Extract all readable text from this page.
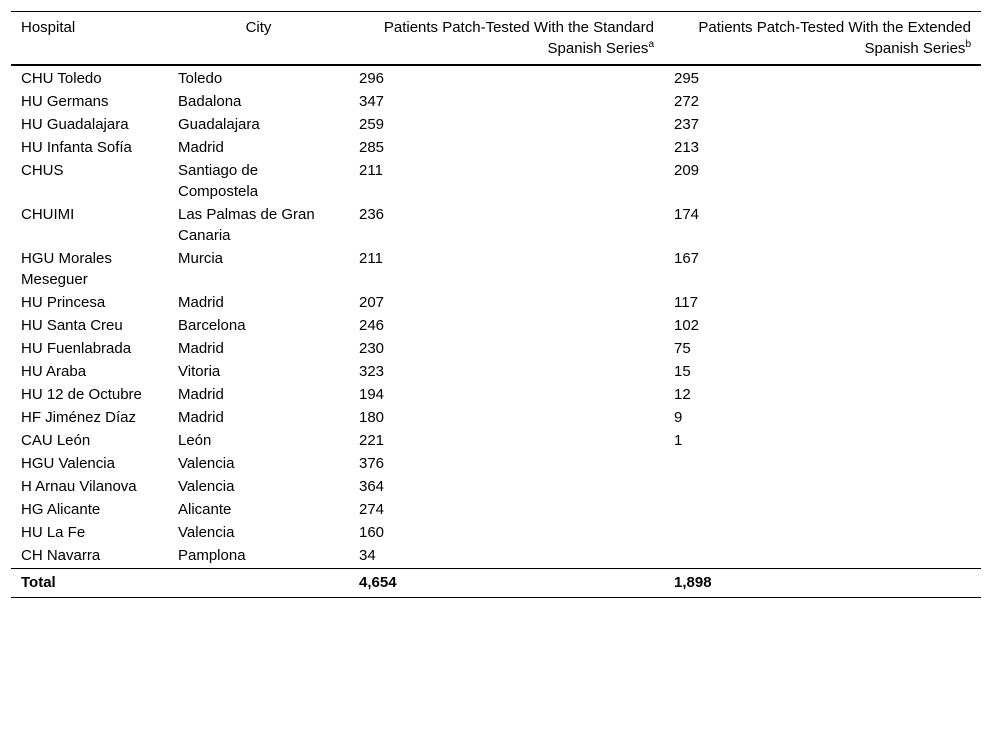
Hospital	City	Patients Patch-Tested With the Standard Spanish Series$^a$	Patients Patch-Tested With the Extended Spanish Series$^b$
CHU Toledo	Toledo	296	295
HU Germans	Badalona	347	272
HU Guadalajara	Guadalajara	259	237
HU Infanta Sofía	Madrid	285	213
CHUS	Santiago de Compostela	211	209
CHUIMI	Las Palmas de Gran Canaria	236	174
HGU Morales Meseguer	Murcia	211	167
HU Princesa	Madrid	207	117
HU Santa Creu	Barcelona	246	102
HU Fuenlabrada	Madrid	230	75
HU Araba	Vitoria	323	15
HU 12 de Octubre	Madrid	194	12
HF Jiménez Díaz	Madrid	180	9
CAU León	León	221	1
HGU Valencia	Valencia	376	
H Arnau Vilanova	Valencia	364	
HG Alicante	Alicante	274	
HU La Fe	Valencia	160	
CH Navarra	Pamplona	34	
Total		4,654	1,898
